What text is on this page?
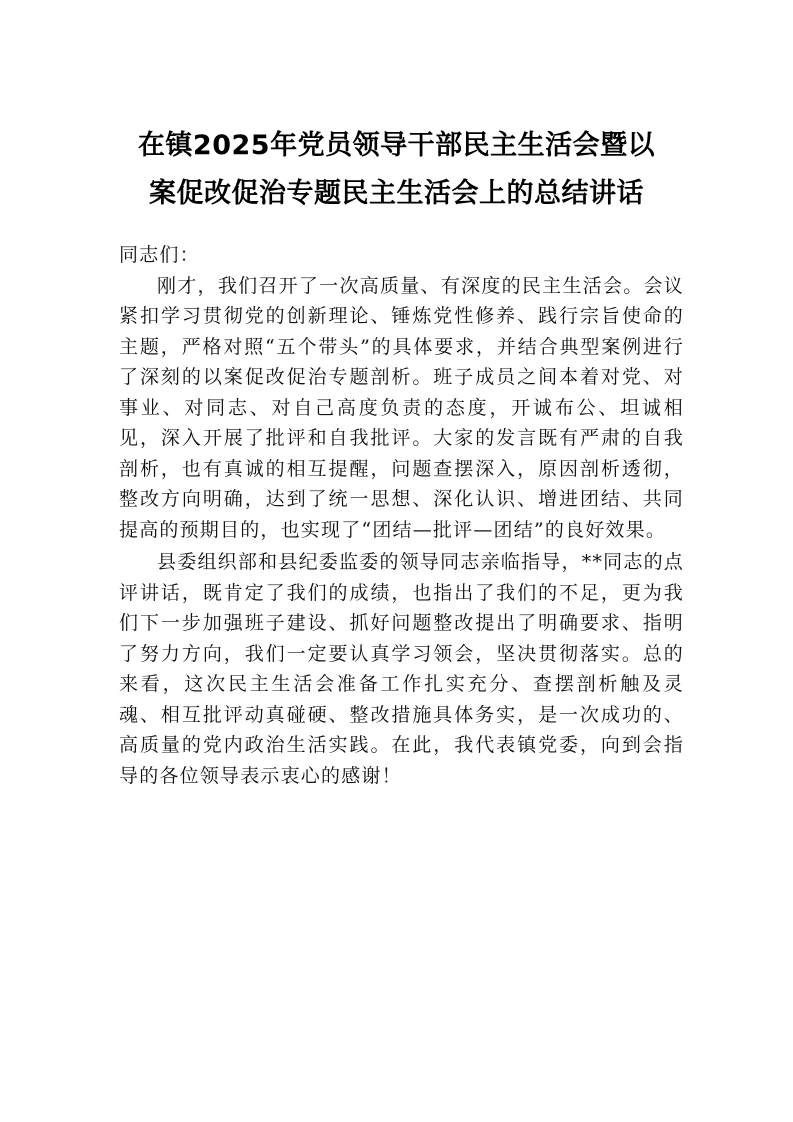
在镇2025年党员领导干部民主生活会暨以
案促改促治专题民主生活会上的总结讲话

同志们：

刚才，我们召开了一次高质量、有深度的民主生活会。会议紧扣学习贯彻党的创新理论、锤炼党性修养、践行宗旨使命的主题，严格对照“五个带头”的具体要求，并结合典型案例进行了深刻的以案促改促治专题剖析。班子成员之间本着对党、对事业、对同志、对自己高度负责的态度，开诚布公、坦诚相见，深入开展了批评和自我批评。大家的发言既有严肃的自我剖析，也有真诚的相互提醒，问题查摆深入，原因剖析透彻，整改方向明确，达到了统一思想、深化认识、增进团结、共同提高的预期目的，也实现了“团结—批评—团结”的良好效果。

县委组织部和县纪委监委的领导同志亲临指导，**同志的点评讲话，既肯定了我们的成绩，也指出了我们的不足，更为我们下一步加强班子建设、抓好问题整改提出了明确要求、指明了努力方向，我们一定要认真学习领会，坚决贯彻落实。总的来看，这次民主生活会准备工作扎实充分、查摆剖析触及灵魂、相互批评动真碰硬、整改措施具体务实，是一次成功的、高质量的党内政治生活实践。在此，我代表镇党委，向到会指导的各位领导表示衷心的感谢！
